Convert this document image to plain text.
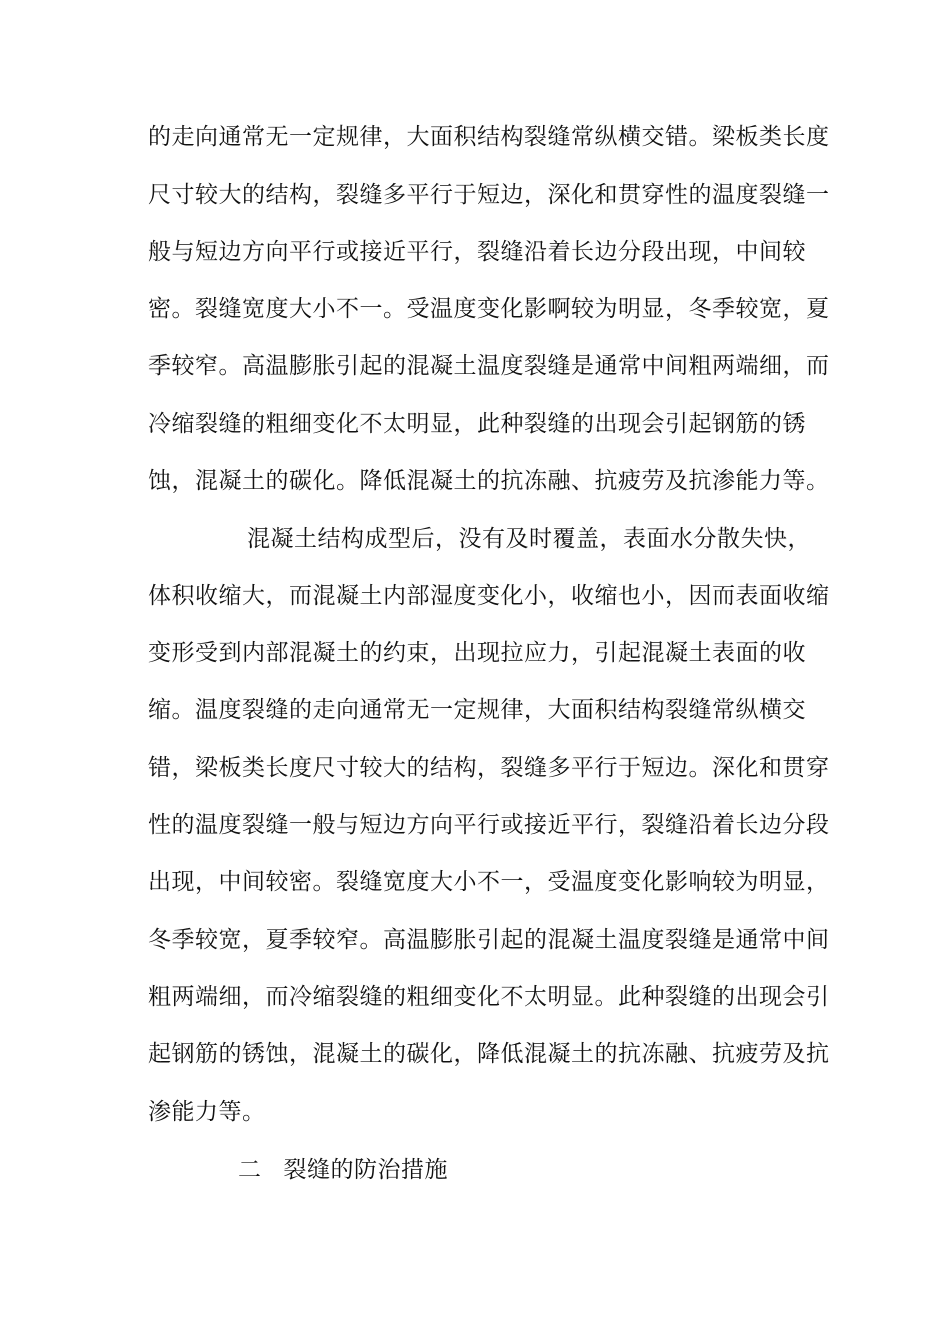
的走向通常无一定规律，大面积结构裂缝常纵横交错。梁板类长度
尺寸较大的结构，裂缝多平行于短边，深化和贯穿性的温度裂缝一
般与短边方向平行或接近平行，裂缝沿着长边分段出现，中间较
密。裂缝宽度大小不一。受温度变化影啊较为明显，冬季较宽，夏
季较窄。高温膨胀引起的混凝土温度裂缝是通常中间粗两端细，而
冷缩裂缝的粗细变化不太明显，此种裂缝的出现会引起钢筋的锈
蚀，混凝土的碳化。降低混凝土的抗冻融、抗疲劳及抗渗能力等。
混凝土结构成型后，没有及时覆盖，表面水分散失快，
体积收缩大，而混凝土内部湿度变化小，收缩也小，因而表面收缩
变形受到内部混凝土的约束，出现拉应力，引起混凝土表面的收
缩。温度裂缝的走向通常无一定规律，大面积结构裂缝常纵横交
错，梁板类长度尺寸较大的结构，裂缝多平行于短边。深化和贯穿
性的温度裂缝一般与短边方向平行或接近平行，裂缝沿着长边分段
出现，中间较密。裂缝宽度大小不一，受温度变化影响较为明显，
冬季较宽，夏季较窄。高温膨胀引起的混凝土温度裂缝是通常中间
粗两端细，而冷缩裂缝的粗细变化不太明显。此种裂缝的出现会引
起钢筋的锈蚀，混凝土的碳化，降低混凝土的抗冻融、抗疲劳及抗
渗能力等。
二 裂缝的防治措施
